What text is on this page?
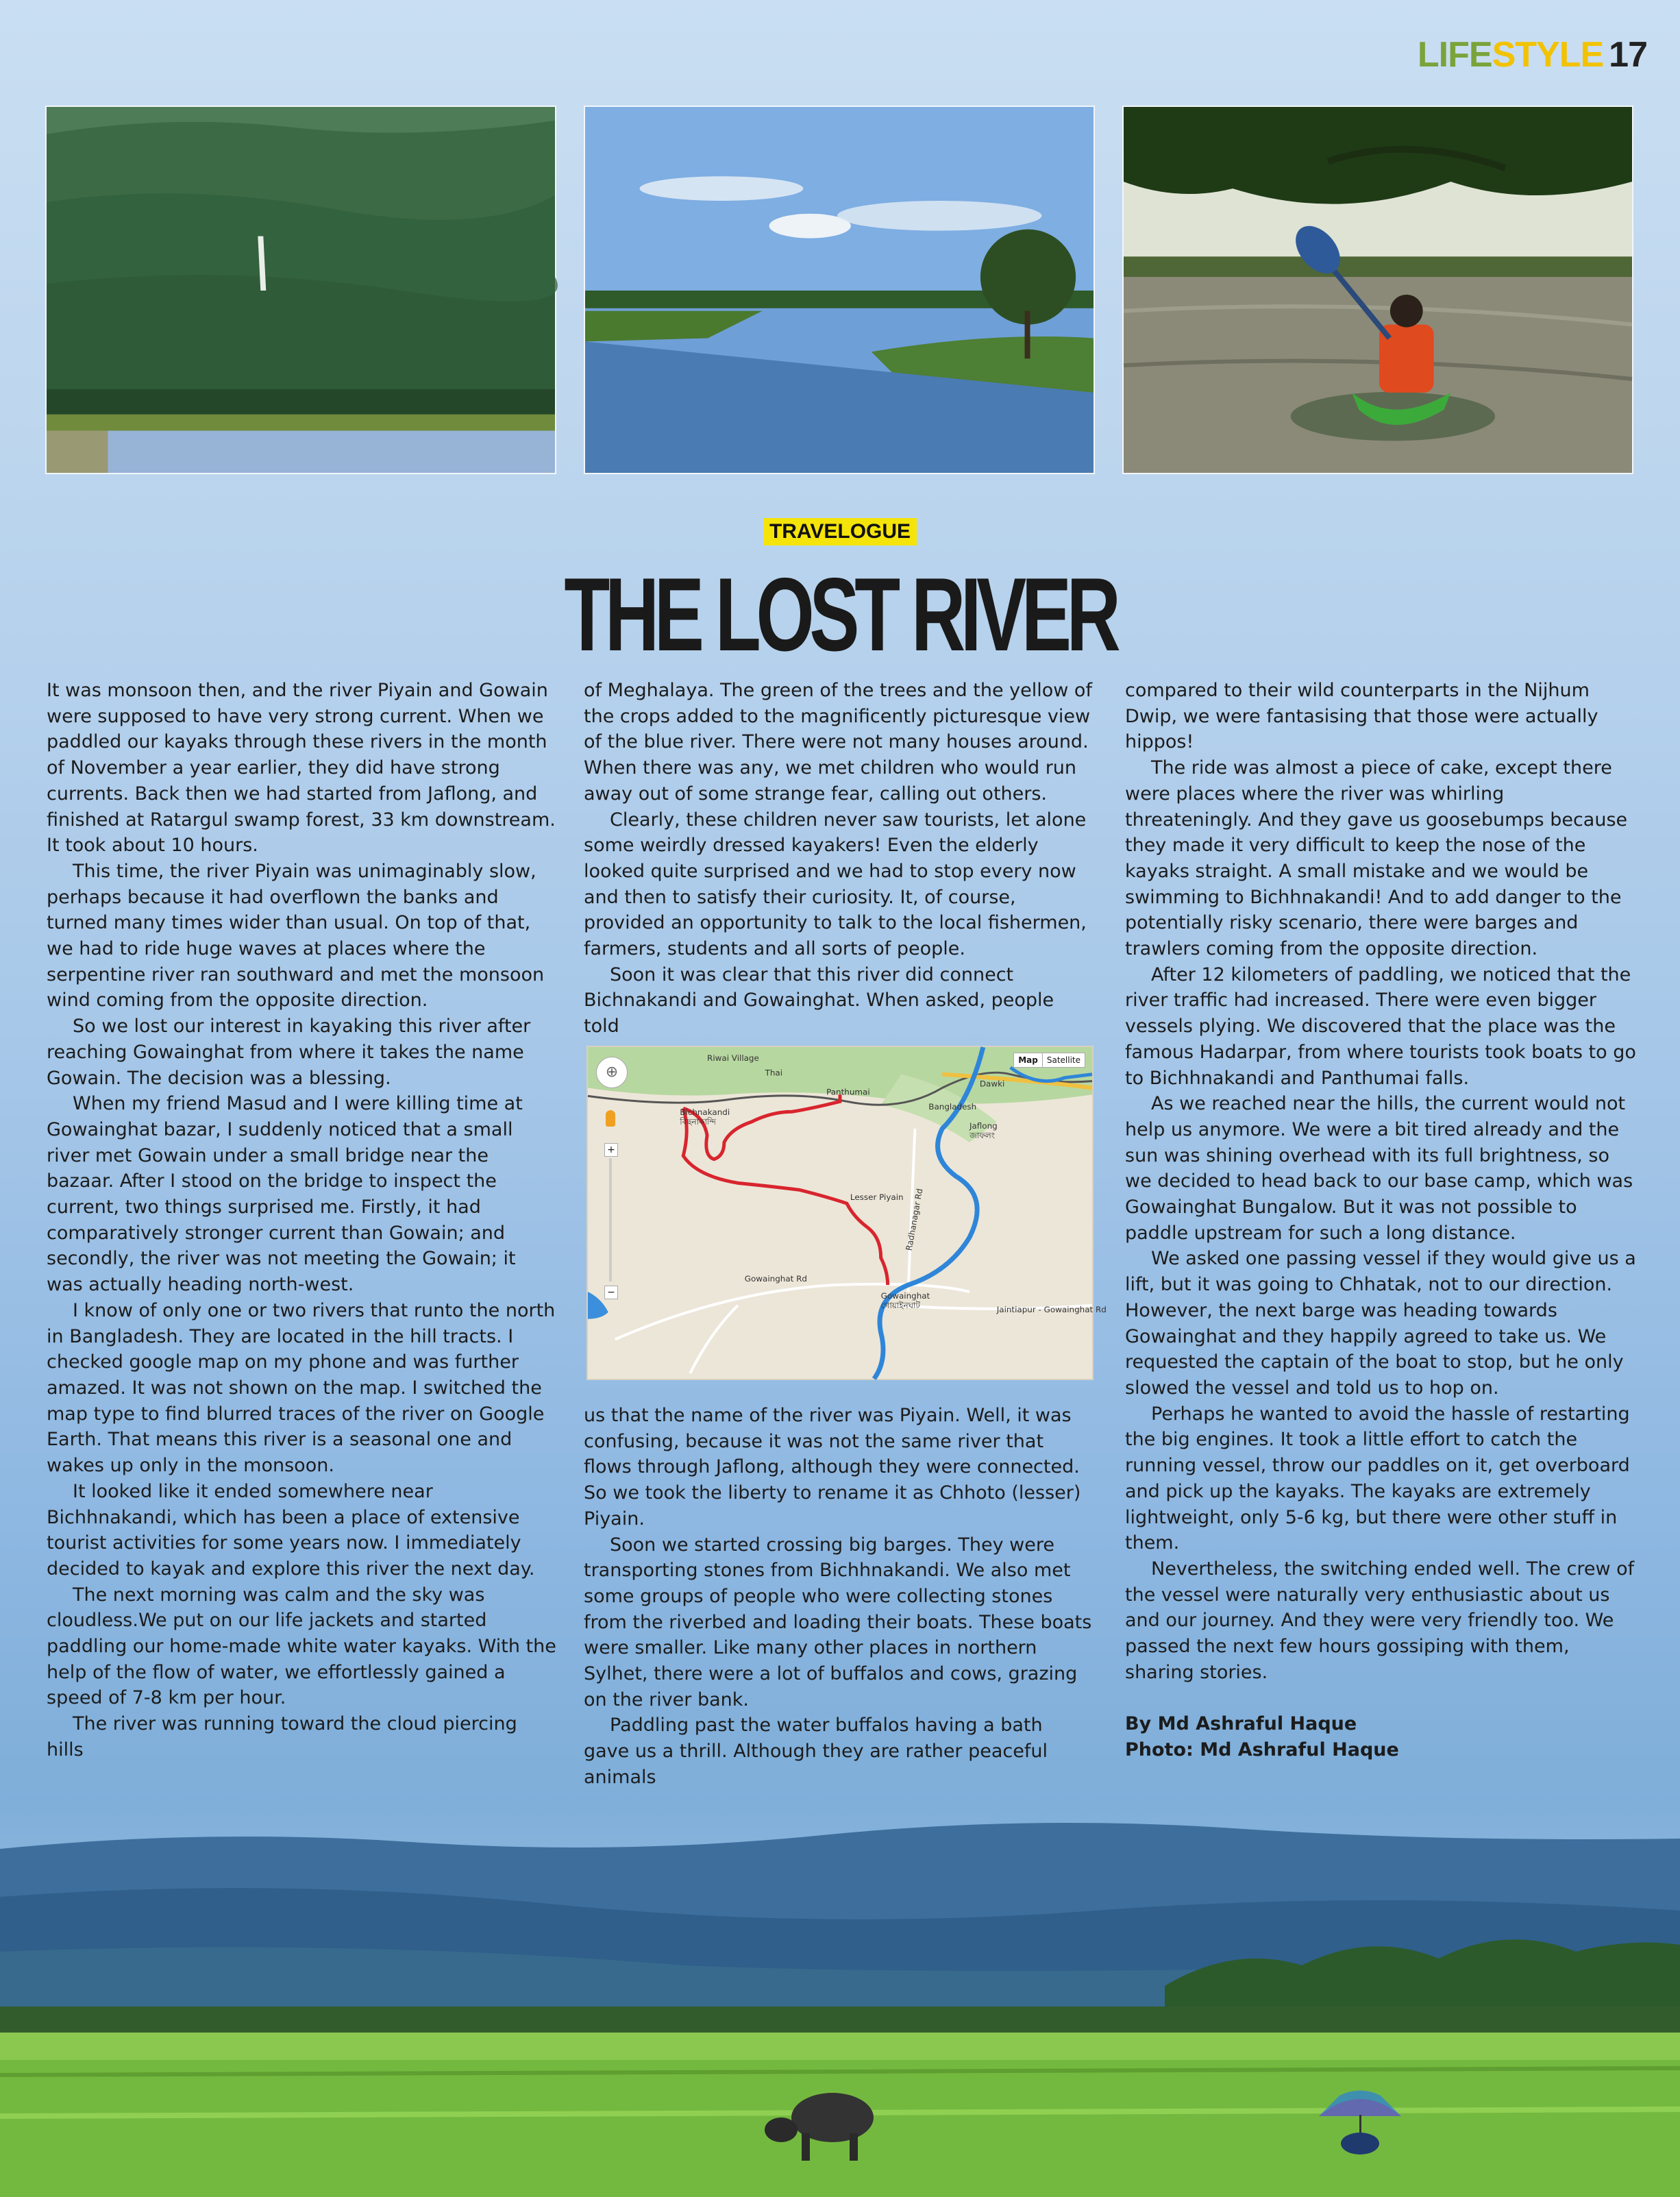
LIFESTYLE 17
TRAVELOGUE
THE LOST RIVER

It was monsoon then, and the river Piyain and Gowain were supposed to have very strong current. When we paddled our kayaks through these rivers in the month of November a year earlier, they did have strong currents. Back then we had started from Jaflong, and finished at Ratargul swamp forest, 33 km downstream. It took about 10 hours.

This time, the river Piyain was unimaginably slow, perhaps because it had overflown the banks and turned many times wider than usual. On top of that, we had to ride huge waves at places where the serpentine river ran southward and met the monsoon wind coming from the opposite direction.

So we lost our interest in kayaking this river after reaching Gowainghat from where it takes the name Gowain. The decision was a blessing.

When my friend Masud and I were killing time at Gowainghat bazar, I suddenly noticed that a small river met Gowain under a small bridge near the bazaar. After I stood on the bridge to inspect the current, two things surprised me. Firstly, it had comparatively stronger current than Gowain; and secondly, the river was not meeting the Gowain; it was actually heading north-west.

I know of only one or two rivers that runto the north in Bangladesh. They are located in the hill tracts. I checked google map on my phone and was further amazed. It was not shown on the map. I switched the map type to find blurred traces of the river on Google Earth. That means this river is a seasonal one and wakes up only in the monsoon.

It looked like it ended somewhere near Bichhnakandi, which has been a place of extensive tourist activities for some years now. I immediately decided to kayak and explore this river the next day.

The next morning was calm and the sky was cloudless.We put on our life jackets and started paddling our home-made white water kayaks. With the help of the flow of water, we effortlessly gained a speed of 7-8 km per hour.

The river was running toward the cloud piercing hills

of Meghalaya. The green of the trees and the yellow of the crops added to the magnificently picturesque view of the blue river. There were not many houses around. When there was any, we met children who would run away out of some strange fear, calling out others.

Clearly, these children never saw tourists, let alone some weirdly dressed kayakers! Even the elderly looked quite surprised and we had to stop every now and then to satisfy their curiosity. It, of course, provided an opportunity to talk to the local fishermen, farmers, students and all sorts of people.

Soon it was clear that this river did connect Bichnakandi and Gowainghat. When asked, people told

Riwai Village
Thai
Panthumai
Bichnakandi
বিছনাকান্দি
Bangladesh
Dawki
Jaflong
জাফলং
Lesser Piyain
Gowainghat
গোয়াইনঘাট
Gowainghat Rd
Radhanagar Rd
Jaintiapur - Gowainghat Rd
⊕
+
−
Map	Satellite

us that the name of the river was Piyain. Well, it was confusing, because it was not the same river that flows through Jaflong, although they were connected. So we took the liberty to rename it as Chhoto (lesser) Piyain.

Soon we started crossing big barges. They were transporting stones from Bichhnakandi. We also met some groups of people who were collecting stones from the riverbed and loading their boats. These boats were smaller. Like many other places in northern Sylhet, there were a lot of buffalos and cows, grazing on the river bank.

Paddling past the water buffalos having a bath gave us a thrill. Although they are rather peaceful

compared to their wild counterparts in the Nijhum Dwip, we were fantasising that those were actually hippos!

The ride was almost a piece of cake, except there were places where the river was whirling threateningly. And they gave us goosebumps because they made it very difficult to keep the nose of the kayaks straight. A small mistake and we would be swimming to Bichhnakandi! And to add danger to the potentially risky scenario, there were barges and trawlers coming from the opposite direction.

After 12 kilometers of paddling, we noticed that the river traffic had increased. There were even bigger vessels plying. We discovered that the place was the famous Hadarpar, from where tourists took boats to go to Bichhnakandi and Panthumai falls.

As we reached near the hills, the current would not help us anymore. We were a bit tired already and the sun was shining overhead with its full brightness, so we decided to head back to our base camp, which was Gowainghat Bungalow. But it was not possible to paddle upstream for such a long distance.

We asked one passing vessel if they would give us a lift, but it was going to Chhatak, not to our direction. However, the next barge was heading towards Gowainghat and they happily agreed to take us. We requested the captain of the boat to stop, but he only slowed the vessel and told us to hop on.

Perhaps he wanted to avoid the hassle of restarting the big engines. It took a little effort to catch the running vessel, throw our paddles on it, get overboard and pick up the kayaks. The kayaks are extremely lightweight, only 5-6 kg, but there were other stuff in them.

Nevertheless, the switching ended well. The crew of the vessel were naturally very enthusiastic about us and our journey. And they were very friendly too. We passed the next few hours gossiping with them, sharing stories.

By Md Ashraful Haque

Photo: Md Ashraful Haque
